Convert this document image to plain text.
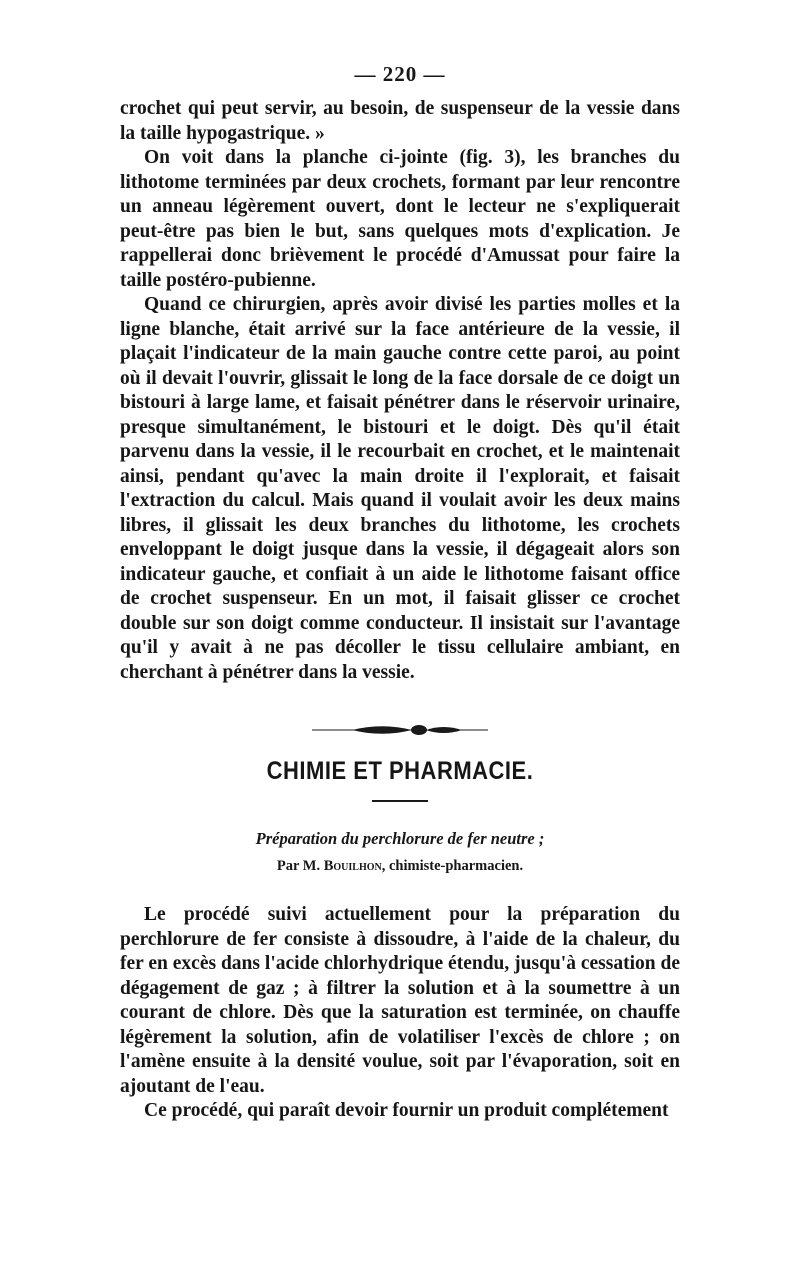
— 220 —

crochet qui peut servir, au besoin, de suspenseur de la vessie dans la taille hypogastrique. »

On voit dans la planche ci-jointe (fig. 3), les branches du lithotome terminées par deux crochets, formant par leur rencontre un anneau légèrement ouvert, dont le lecteur ne s'expliquerait peut-être pas bien le but, sans quelques mots d'explication. Je rappellerai donc brièvement le procédé d'Amussat pour faire la taille postéro-pubienne.

Quand ce chirurgien, après avoir divisé les parties molles et la ligne blanche, était arrivé sur la face antérieure de la vessie, il plaçait l'indicateur de la main gauche contre cette paroi, au point où il devait l'ouvrir, glissait le long de la face dorsale de ce doigt un bistouri à large lame, et faisait pénétrer dans le réservoir urinaire, presque simultanément, le bistouri et le doigt. Dès qu'il était parvenu dans la vessie, il le recourbait en crochet, et le maintenait ainsi, pendant qu'avec la main droite il l'explorait, et faisait l'extraction du calcul. Mais quand il voulait avoir les deux mains libres, il glissait les deux branches du lithotome, les crochets enveloppant le doigt jusque dans la vessie, il dégageait alors son indicateur gauche, et confiait à un aide le lithotome faisant office de crochet suspenseur. En un mot, il faisait glisser ce crochet double sur son doigt comme conducteur. Il insistait sur l'avantage qu'il y avait à ne pas décoller le tissu cellulaire ambiant, en cherchant à pénétrer dans la vessie.

CHIMIE ET PHARMACIE.
Préparation du perchlorure de fer neutre ;
Par M. Bouilhon, chimiste-pharmacien.

Le procédé suivi actuellement pour la préparation du perchlorure de fer consiste à dissoudre, à l'aide de la chaleur, du fer en excès dans l'acide chlorhydrique étendu, jusqu'à cessation de dégagement de gaz ; à filtrer la solution et à la soumettre à un courant de chlore. Dès que la saturation est terminée, on chauffe légèrement la solution, afin de volatiliser l'excès de chlore ; on l'amène ensuite à la densité voulue, soit par l'évaporation, soit en ajoutant de l'eau.

Ce procédé, qui paraît devoir fournir un produit complétement
